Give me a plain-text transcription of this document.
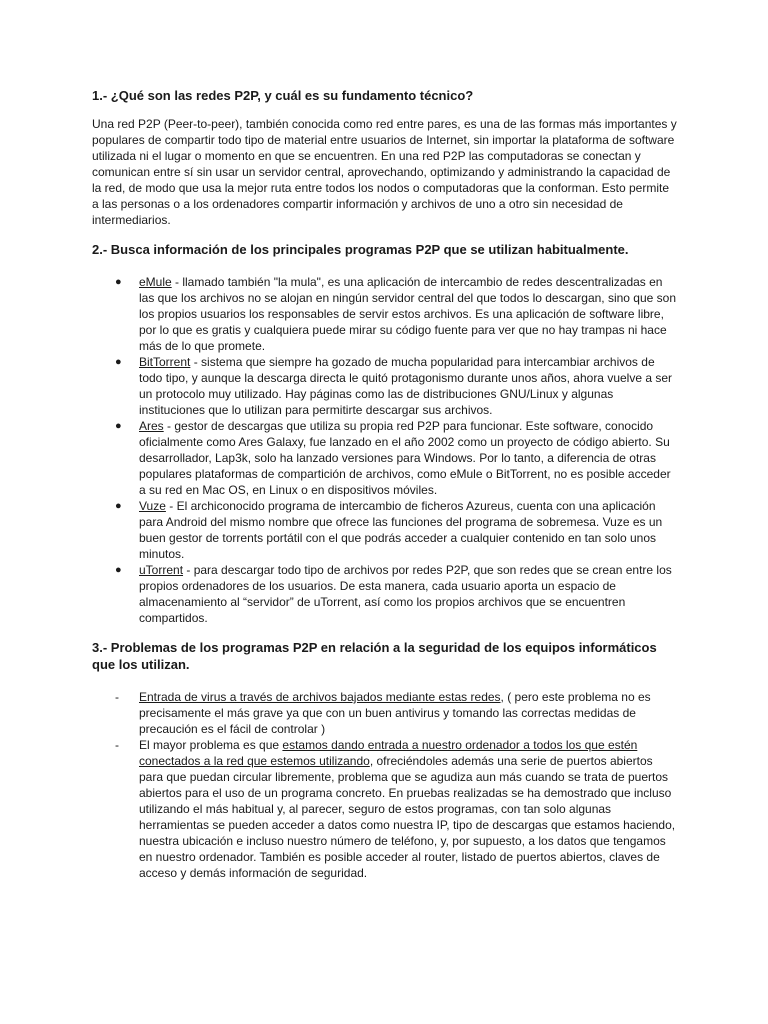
1.- ¿Qué son las redes P2P, y cuál es su fundamento técnico?

Una red P2P (Peer-to-peer), también conocida como red entre pares, es una de las formas más importantes y populares de compartir todo tipo de material entre usuarios de Internet, sin importar la plataforma de software utilizada ni el lugar o momento en que se encuentren. En una red P2P las computadoras se conectan y comunican entre sí sin usar un servidor central, aprovechando, optimizando y administrando la capacidad de la red, de modo que usa la mejor ruta entre todos los nodos o computadoras que la conforman. Esto permite a las personas o a los ordenadores compartir información y archivos de uno a otro sin necesidad de intermediarios.

2.- Busca información de los principales programas P2P que se utilizan habitualmente.
● eMule - llamado también "la mula", es una aplicación de intercambio de redes descentralizadas en las que los archivos no se alojan en ningún servidor central del que todos lo descargan, sino que son los propios usuarios los responsables de servir estos archivos. Es una aplicación de software libre, por lo que es gratis y cualquiera puede mirar su código fuente para ver que no hay trampas ni hace más de lo que promete.
● BitTorrent - sistema que siempre ha gozado de mucha popularidad para intercambiar archivos de todo tipo, y aunque la descarga directa le quitó protagonismo durante unos años, ahora vuelve a ser un protocolo muy utilizado. Hay páginas como las de distribuciones GNU/Linux y algunas instituciones que lo utilizan para permitirte descargar sus archivos.
● Ares - gestor de descargas que utiliza su propia red P2P para funcionar. Este software, conocido oficialmente como Ares Galaxy, fue lanzado en el año 2002 como un proyecto de código abierto. Su desarrollador, Lap3k, solo ha lanzado versiones para Windows. Por lo tanto, a diferencia de otras populares plataformas de compartición de archivos, como eMule o BitTorrent, no es posible acceder a su red en Mac OS, en Linux o en dispositivos móviles.
● Vuze - El archiconocido programa de intercambio de ficheros Azureus, cuenta con una aplicación para Android del mismo nombre que ofrece las funciones del programa de sobremesa. Vuze es un buen gestor de torrents portátil con el que podrás acceder a cualquier contenido en tan solo unos minutos.
● uTorrent - para descargar todo tipo de archivos por redes P2P, que son redes que se crean entre los propios ordenadores de los usuarios. De esta manera, cada usuario aporta un espacio de almacenamiento al “servidor” de uTorrent, así como los propios archivos que se encuentren compartidos.
3.- Problemas de los programas P2P en relación a la seguridad de los equipos informáticos que los utilizan.
- Entrada de virus a través de archivos bajados mediante estas redes, ( pero este problema no es precisamente el más grave ya que con un buen antivirus y tomando las correctas medidas de precaución es el fácil de controlar )
- El mayor problema es que estamos dando entrada a nuestro ordenador a todos los que estén conectados a la red que estemos utilizando, ofreciéndoles además una serie de puertos abiertos para que puedan circular libremente, problema que se agudiza aun más cuando se trata de puertos abiertos para el uso de un programa concreto. En pruebas realizadas se ha demostrado que incluso utilizando el más habitual y, al parecer, seguro de estos programas, con tan solo algunas herramientas se pueden acceder a datos como nuestra IP, tipo de descargas que estamos haciendo, nuestra ubicación e incluso nuestro número de teléfono, y, por supuesto, a los datos que tengamos en nuestro ordenador. También es posible acceder al router, listado de puertos abiertos, claves de acceso y demás información de seguridad.
